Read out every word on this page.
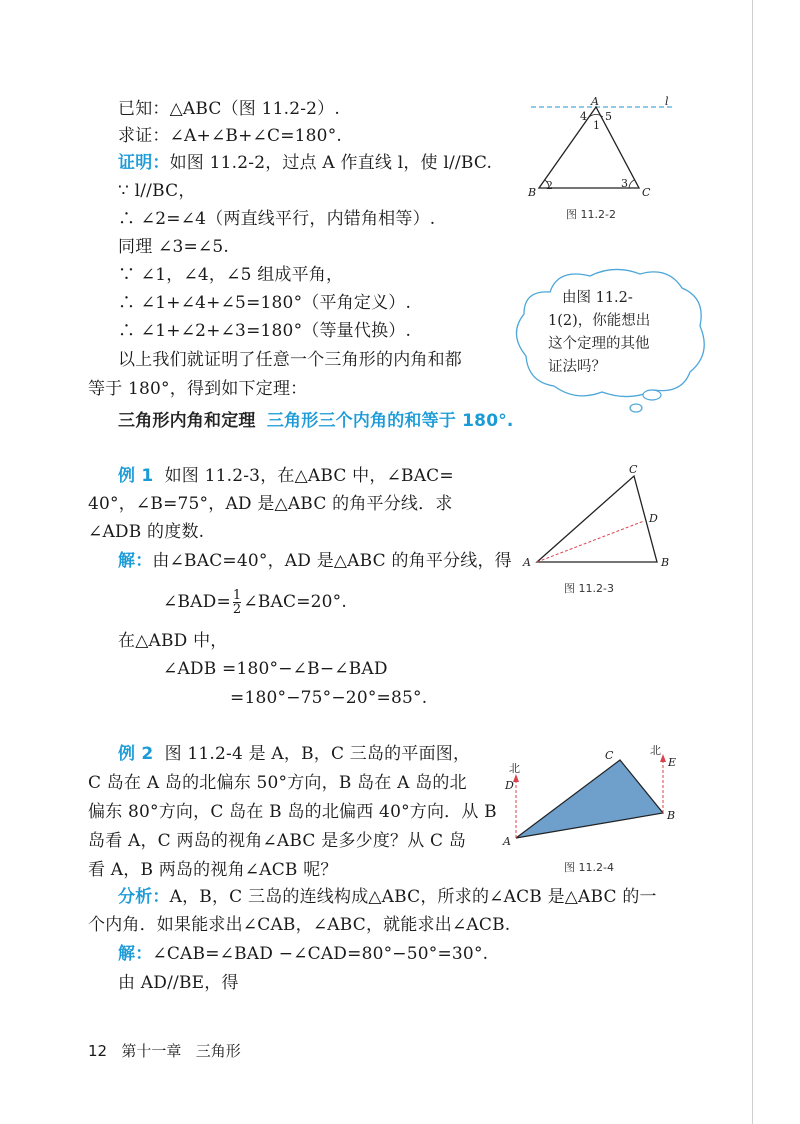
已知：△ABC（图 11.2-2）.
求证：∠A+∠B+∠C=180°.
证明：如图 11.2-2，过点 A 作直线 l，使 l//BC.
∵ l//BC，
∴ ∠2=∠4（两直线平行，内错角相等）.
同理 ∠3=∠5.
∵ ∠1，∠4，∠5 组成平角，
∴ ∠1+∠4+∠5=180°（平角定义）.
∴ ∠1+∠2+∠3=180°（等量代换）.
以上我们就证明了任意一个三角形的内角和都
等于 180°，得到如下定理：
三角形内角和定理 三角形三个内角的和等于 180°.
A
B	C
l
1
2	3
4 5
图 11.2-2
由图 11.2-
1(2)，你能想出
这个定理的其他
证法吗？
例 1 如图 11.2-3，在△ABC 中，∠BAC=
40°，∠B=75°，AD 是△ABC 的角平分线．求
∠ADB 的度数.
解：由∠BAC=40°，AD 是△ABC 的角平分线，得
∠BAD= $\frac{1}{2}$ ∠BAC=20°.
在△ABD 中，
∠ADB =180°−∠B−∠BAD
=180°−75°−20°=85°.
A	B
C
D
图 11.2-3
例 2 图 11.2-4 是 A，B，C 三岛的平面图，
C 岛在 A 岛的北偏东 50°方向，B 岛在 A 岛的北
偏东 80°方向，C 岛在 B 岛的北偏西 40°方向．从 B
岛看 A，C 两岛的视角∠ABC 是多少度？从 C 岛
看 A，B 两岛的视角∠ACB 呢？
分析：A，B，C 三岛的连线构成△ABC，所求的∠ACB 是△ABC 的一
个内角．如果能求出∠CAB，∠ABC，就能求出∠ACB.
解：∠CAB=∠BAD −∠CAD=80°−50°=30°.
由 AD//BE，得
A
B
C
D
E
北
北
图 11.2-4
12 第十一章 三角形
